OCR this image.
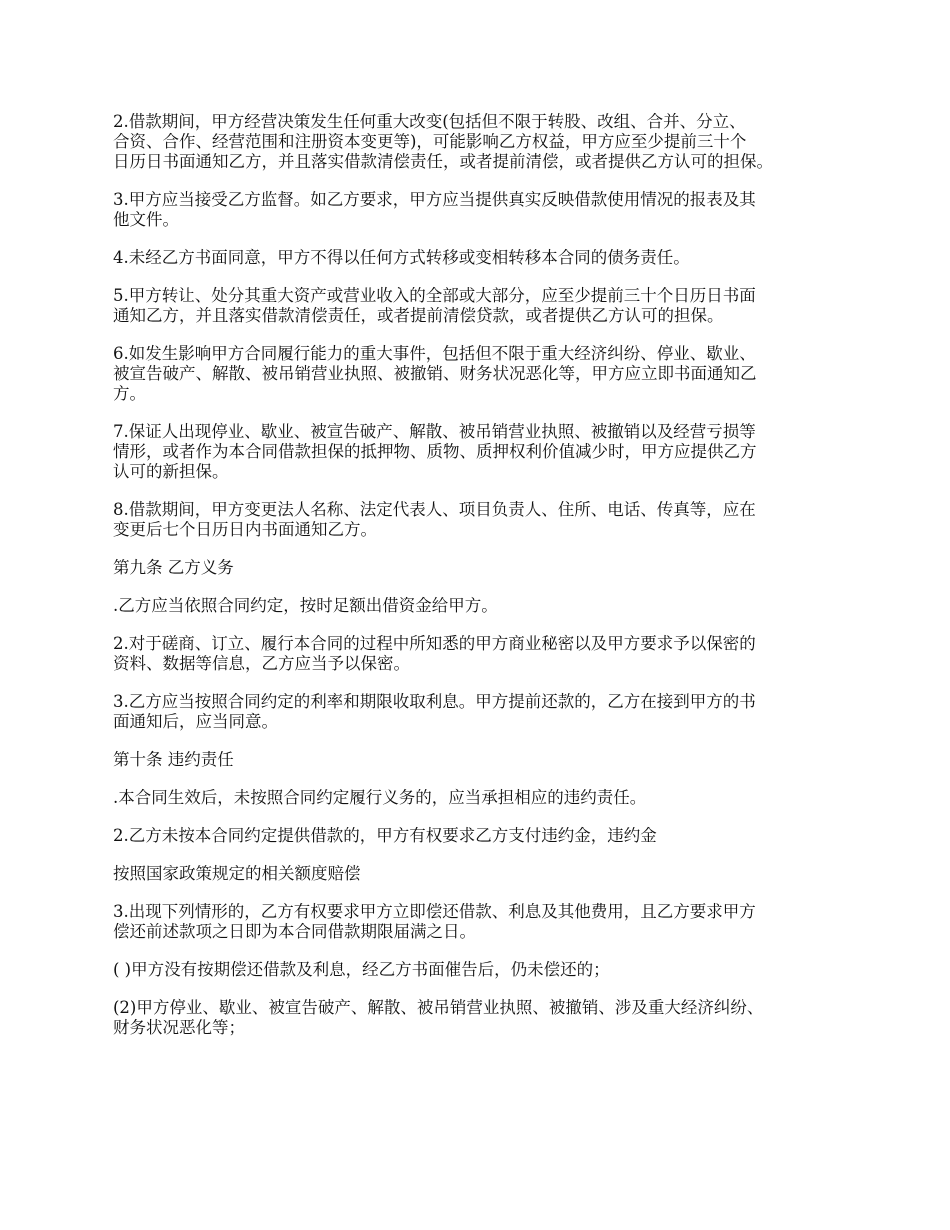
2.借款期间，甲方经营决策发生任何重大改变(包括但不限于转股、改组、合并、分立、
合资、合作、经营范围和注册资本变更等)，可能影响乙方权益，甲方应至少提前三十个
日历日书面通知乙方，并且落实借款清偿责任，或者提前清偿，或者提供乙方认可的担保。

3.甲方应当接受乙方监督。如乙方要求，甲方应当提供真实反映借款使用情况的报表及其
他文件。

4.未经乙方书面同意，甲方不得以任何方式转移或变相转移本合同的债务责任。

5.甲方转让、处分其重大资产或营业收入的全部或大部分，应至少提前三十个日历日书面
通知乙方，并且落实借款清偿责任，或者提前清偿贷款，或者提供乙方认可的担保。

6.如发生影响甲方合同履行能力的重大事件，包括但不限于重大经济纠纷、停业、歇业、
被宣告破产、解散、被吊销营业执照、被撤销、财务状况恶化等，甲方应立即书面通知乙
方。

7.保证人出现停业、歇业、被宣告破产、解散、被吊销营业执照、被撤销以及经营亏损等
情形，或者作为本合同借款担保的抵押物、质物、质押权利价值减少时，甲方应提供乙方
认可的新担保。

8.借款期间，甲方变更法人名称、法定代表人、项目负责人、住所、电话、传真等，应在
变更后七个日历日内书面通知乙方。

第九条 乙方义务

.乙方应当依照合同约定，按时足额出借资金给甲方。

2.对于磋商、订立、履行本合同的过程中所知悉的甲方商业秘密以及甲方要求予以保密的
资料、数据等信息，乙方应当予以保密。

3.乙方应当按照合同约定的利率和期限收取利息。甲方提前还款的，乙方在接到甲方的书
面通知后，应当同意。

第十条 违约责任

.本合同生效后，未按照合同约定履行义务的，应当承担相应的违约责任。

2.乙方未按本合同约定提供借款的，甲方有权要求乙方支付违约金，违约金

按照国家政策规定的相关额度赔偿

3.出现下列情形的，乙方有权要求甲方立即偿还借款、利息及其他费用，且乙方要求甲方
偿还前述款项之日即为本合同借款期限届满之日。

( )甲方没有按期偿还借款及利息，经乙方书面催告后，仍未偿还的；

(2)甲方停业、歇业、被宣告破产、解散、被吊销营业执照、被撤销、涉及重大经济纠纷、
财务状况恶化等；
